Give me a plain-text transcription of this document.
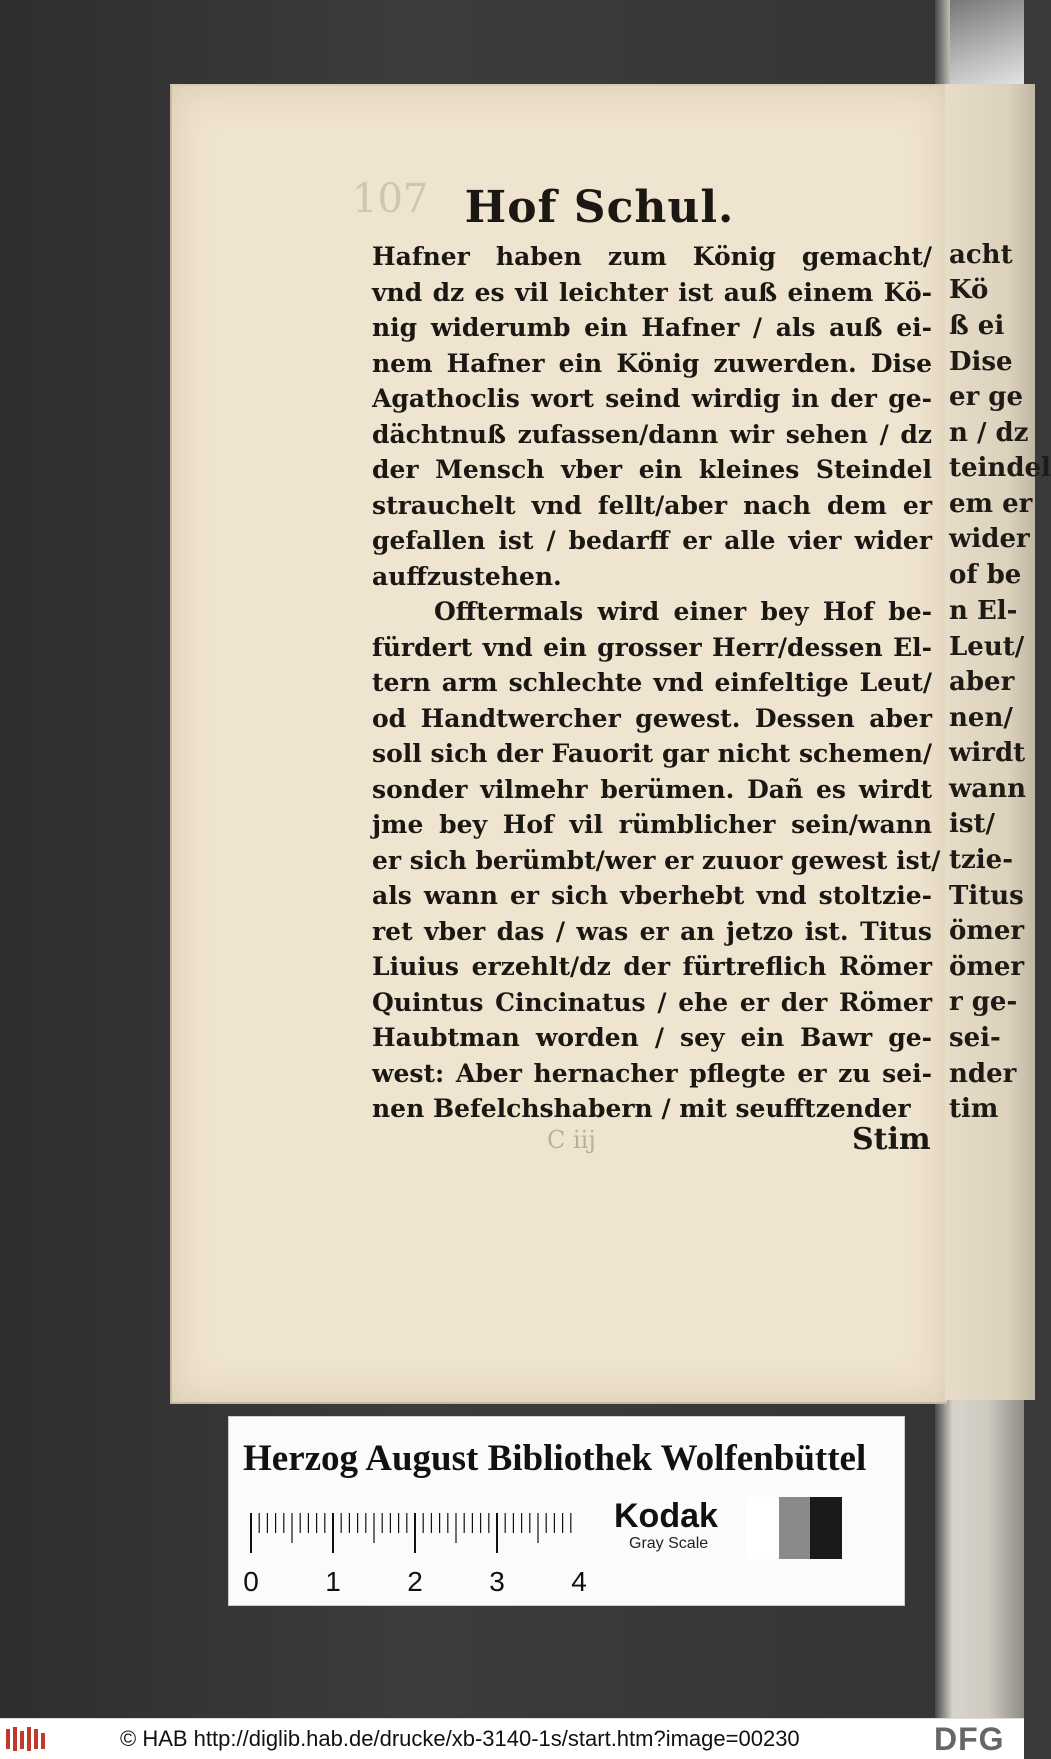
107 Hof Schul.
Hafner haben zum König gemacht/
vnd dz es vil leichter ist auß einem Kö-
nig widerumb ein Hafner / als auß ei-
nem Hafner ein König zuwerden. Dise
Agathoclis wort seind wirdig in der ge-
dächtnuß zufassen/dann wir sehen / dz
der Mensch vber ein kleines Steindel
strauchelt vnd fellt/aber nach dem er
gefallen ist / bedarff er alle vier wider
auffzustehen.
Offtermals wird einer bey Hof be-
fürdert vnd ein grosser Herr/dessen El-
tern arm schlechte vnd einfeltige Leut/
od Handtwercher gewest. Dessen aber
soll sich der Fauorit gar nicht schemen/
sonder vilmehr berümen. Dañ es wirdt
jme bey Hof vil rümblicher sein/wann
er sich berümbt/wer er zuuor gewest ist/
als wann er sich vberhebt vnd stoltzie-
ret vber das / was er an jetzo ist. Titus
Liuius erzehlt/dz der fürtreflich Römer
Quintus Cincinatus / ehe er der Römer
Haubtman worden / sey ein Bawr ge-
west: Aber hernacher pflegte er zu sei-
nen Befelchshabern / mit seufftzender
C iij	Stim
acht
Kö
ß ei
Dise
er ge
n / dz
teindel
em er
wider
of be
n El-
Leut/
aber
nen/
wirdt
wann
ist/
tzie-
Titus
ömer
ömer
r ge-
sei-
nder
tim
Herzog August Bibliothek Wolfenbüttel
0 1 2 3 4
Kodak
Gray Scale
© HAB http://diglib.hab.de/drucke/xb-3140-1s/start.htm?image=00230	DFG
